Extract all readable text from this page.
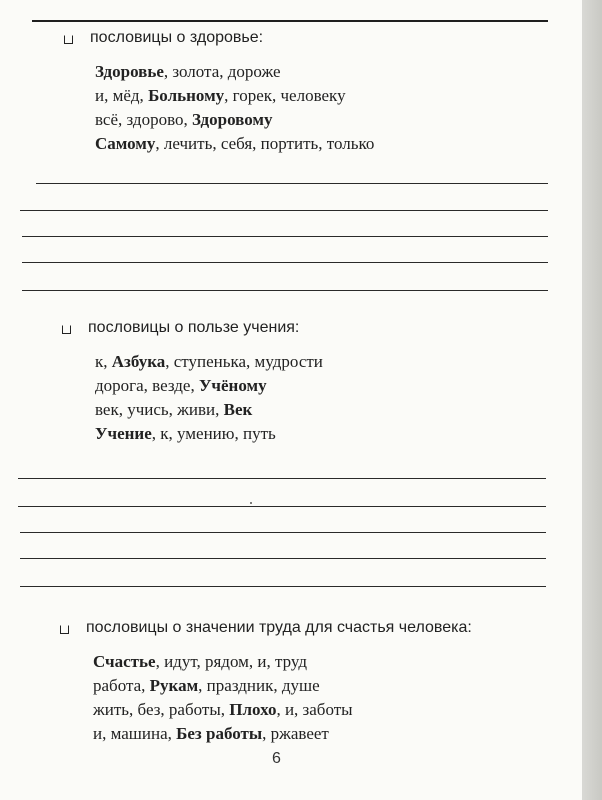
пословицы о здоровье:
Здоровье, золота, дороже
и, мёд, Больному, горек, человеку
всё, здорово, Здоровому
Самому, лечить, себя, портить, только
пословицы о пользе учения:
к, Азбука, ступенька, мудрости
дорога, везде, Учёному
век, учись, живи, Век
Учение, к, умению, путь
пословицы о значении труда для счастья человека:
Счастье, идут, рядом, и, труд
работа, Рукам, праздник, душе
жить, без, работы, Плохо, и, заботы
и, машина, Без работы, ржавеет
6
